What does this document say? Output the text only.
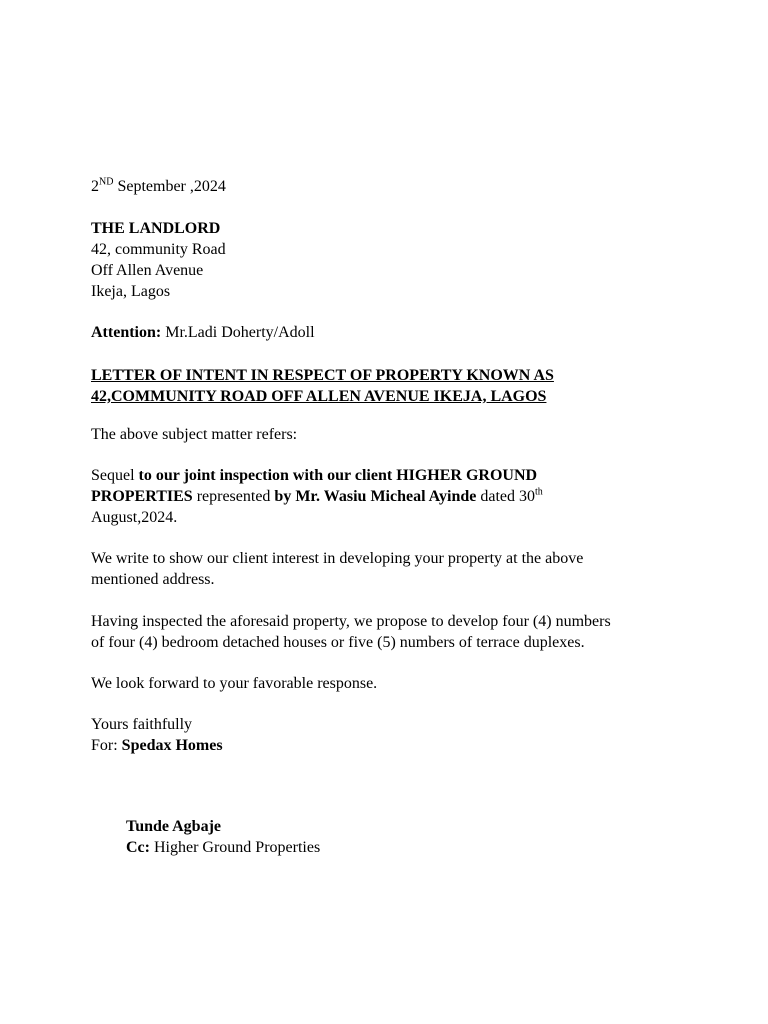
2ND September ,2024
THE LANDLORD
42, community Road
Off Allen Avenue
Ikeja, Lagos
Attention: Mr.Ladi Doherty/Adoll
LETTER OF INTENT IN RESPECT OF PROPERTY KNOWN AS
42,COMMUNITY ROAD OFF ALLEN AVENUE IKEJA, LAGOS
The above subject matter refers:
Sequel to our joint inspection with our client HIGHER GROUND
PROPERTIES represented by Mr. Wasiu Micheal Ayinde dated 30th
August,2024.
We write to show our client interest in developing your property at the above
mentioned address.
Having inspected the aforesaid property, we propose to develop four (4) numbers
of four (4) bedroom detached houses or five (5) numbers of terrace duplexes.
We look forward to your favorable response.
Yours faithfully
For: Spedax Homes
Tunde Agbaje
Cc: Higher Ground Properties
